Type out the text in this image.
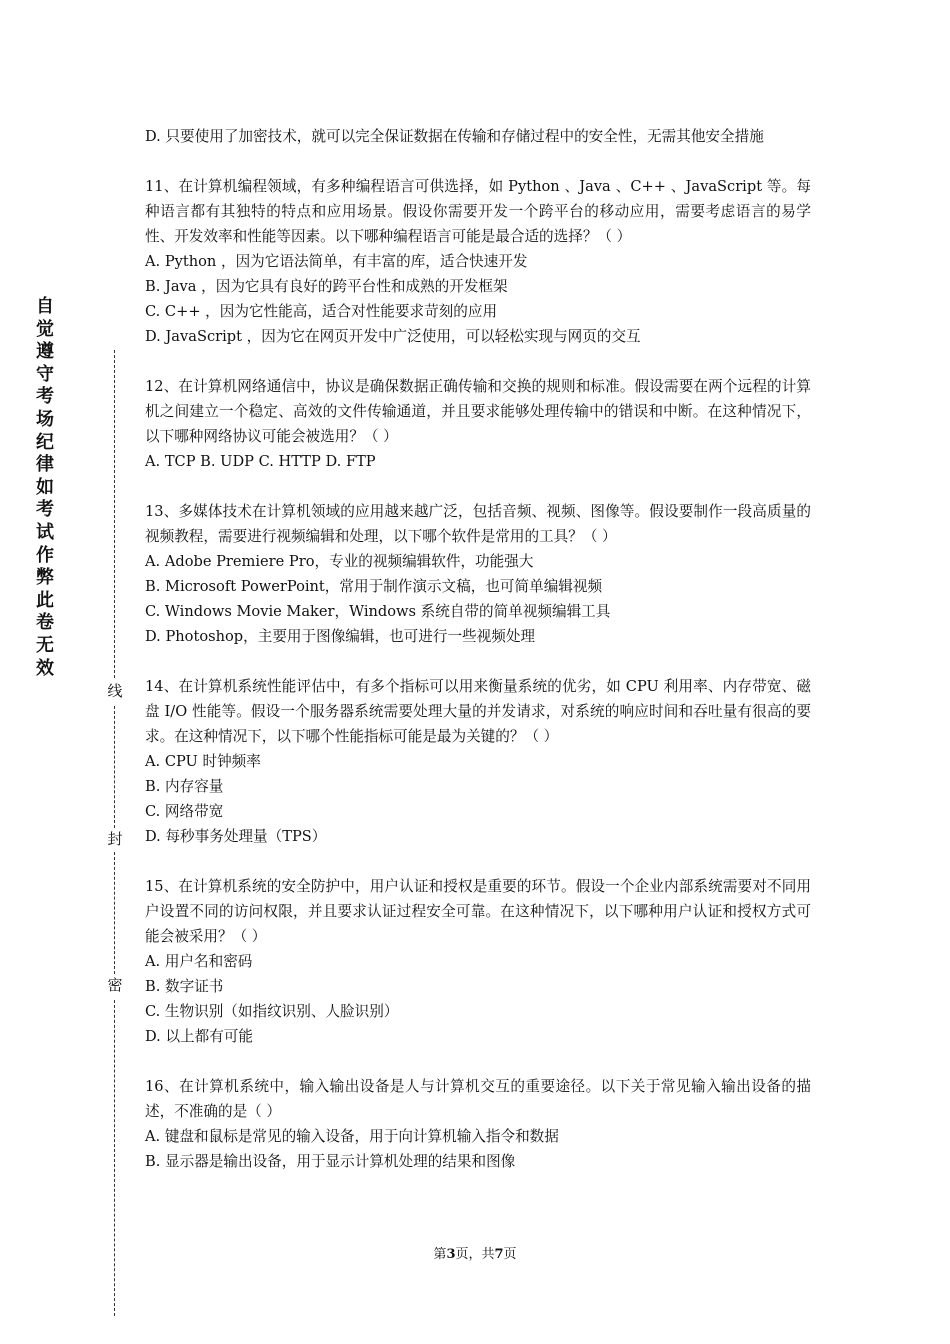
自觉遵守考场纪律如考试作弊此卷无效
线
封
密

D. 只要使用了加密技术，就可以完全保证数据在传输和存储过程中的安全性，无需其他安全措施

11、在计算机编程领域，有多种编程语言可供选择，如 Python 、Java 、C++ 、JavaScript 等。每种语言都有其独特的特点和应用场景。假设你需要开发一个跨平台的移动应用，需要考虑语言的易学性、开发效率和性能等因素。以下哪种编程语言可能是最合适的选择？（ ）

A. Python ，因为它语法简单，有丰富的库，适合快速开发

B. Java ，因为它具有良好的跨平台性和成熟的开发框架

C. C++ ，因为它性能高，适合对性能要求苛刻的应用

D. JavaScript ，因为它在网页开发中广泛使用，可以轻松实现与网页的交互

12、在计算机网络通信中，协议是确保数据正确传输和交换的规则和标准。假设需要在两个远程的计算机之间建立一个稳定、高效的文件传输通道，并且要求能够处理传输中的错误和中断。在这种情况下，以下哪种网络协议可能会被选用？（ ）

A. TCP B. UDP C. HTTP D. FTP

13、多媒体技术在计算机领域的应用越来越广泛，包括音频、视频、图像等。假设要制作一段高质量的视频教程，需要进行视频编辑和处理，以下哪个软件是常用的工具？（ ）

A. Adobe Premiere Pro，专业的视频编辑软件，功能强大

B. Microsoft PowerPoint，常用于制作演示文稿，也可简单编辑视频

C. Windows Movie Maker，Windows 系统自带的简单视频编辑工具

D. Photoshop，主要用于图像编辑，也可进行一些视频处理

14、在计算机系统性能评估中，有多个指标可以用来衡量系统的优劣，如 CPU 利用率、内存带宽、磁盘 I/O 性能等。假设一个服务器系统需要处理大量的并发请求，对系统的响应时间和吞吐量有很高的要求。在这种情况下，以下哪个性能指标可能是最为关键的？（ ）

A. CPU 时钟频率

B. 内存容量

C. 网络带宽

D. 每秒事务处理量（TPS）

15、在计算机系统的安全防护中，用户认证和授权是重要的环节。假设一个企业内部系统需要对不同用户设置不同的访问权限，并且要求认证过程安全可靠。在这种情况下，以下哪种用户认证和授权方式可能会被采用？（ ）

A. 用户名和密码

B. 数字证书

C. 生物识别（如指纹识别、人脸识别）

D. 以上都有可能

16、在计算机系统中，输入输出设备是人与计算机交互的重要途径。以下关于常见输入输出设备的描述，不准确的是（ ）

A. 键盘和鼠标是常见的输入设备，用于向计算机输入指令和数据

B. 显示器是输出设备，用于显示计算机处理的结果和图像

第3页，共7页
